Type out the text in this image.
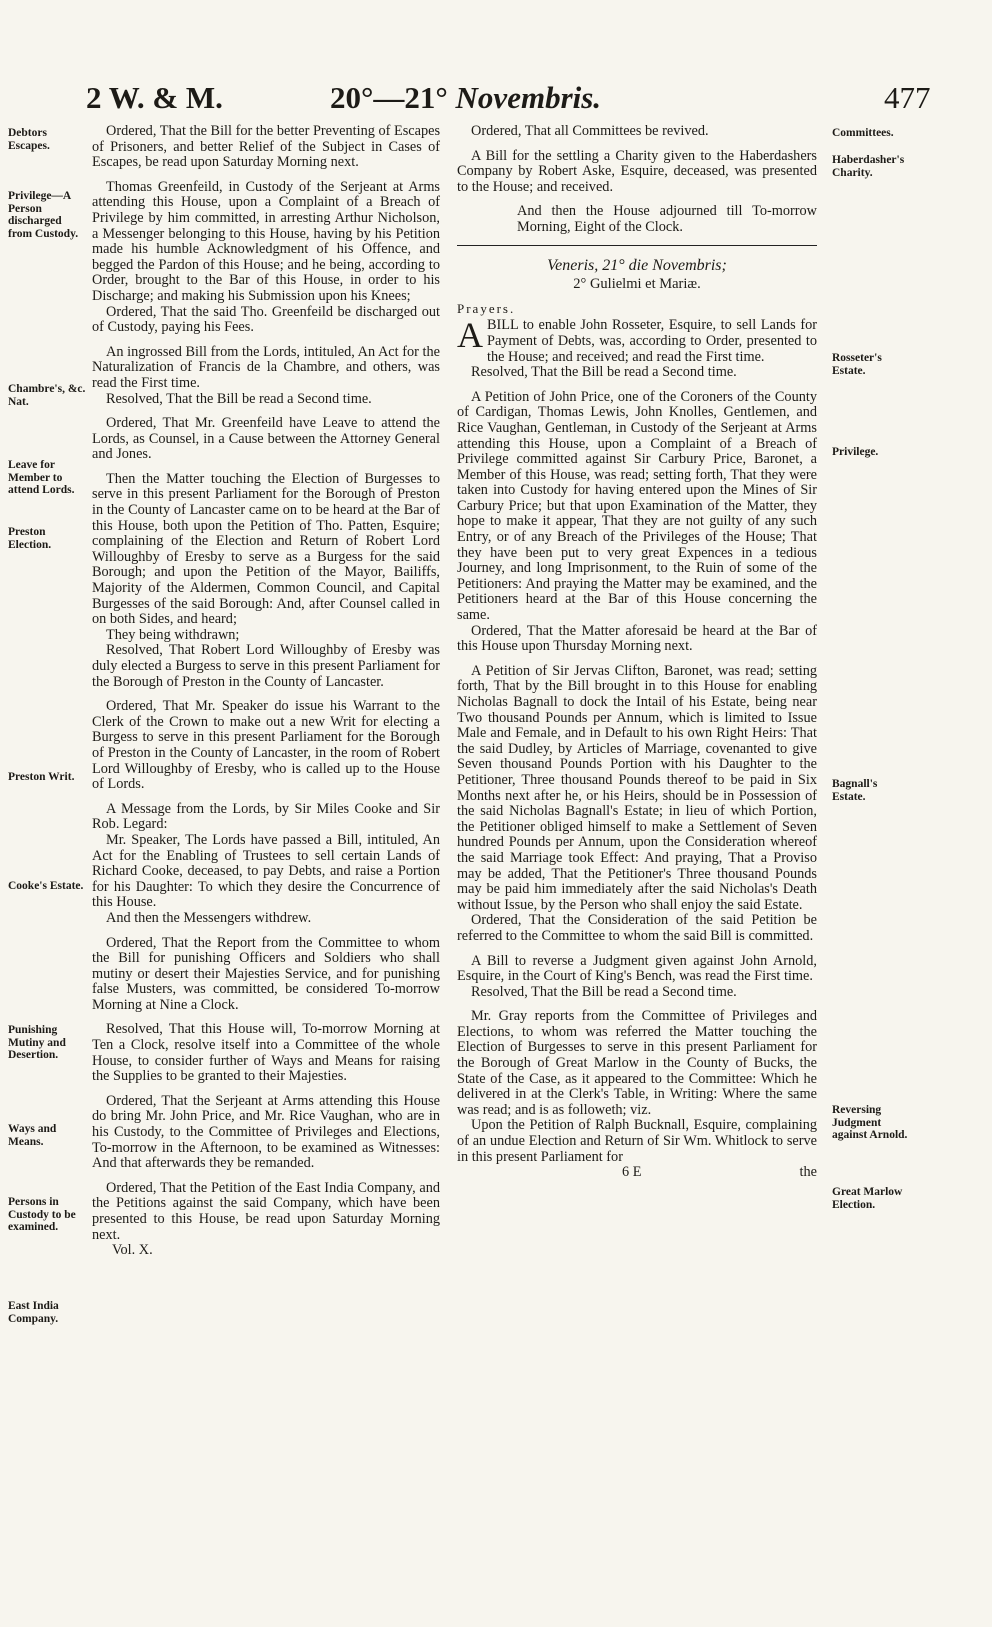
2 W. & M.	20°—21° Novembris.	477
Debtors Escapes.
Privilege—A Person discharged from Custody.
Chambre's, &c. Nat.
Leave for Member to attend Lords.
Preston Election.
Preston Writ.
Cooke's Estate.
Punishing Mutiny and Desertion.
Ways and Means.
Persons in Custody to be examined.
East India Company.

Ordered, That the Bill for the better Preventing of Escapes of Prisoners, and better Relief of the Subject in Cases of Escapes, be read upon Saturday Morning next.

Thomas Greenfeild, in Custody of the Serjeant at Arms attending this House, upon a Complaint of a Breach of Privilege by him committed, in arresting Arthur Nicholson, a Messenger belonging to this House, having by his Petition made his humble Acknowledgment of his Offence, and begged the Pardon of this House; and he being, according to Order, brought to the Bar of this House, in order to his Discharge; and making his Submission upon his Knees;

Ordered, That the said Tho. Greenfeild be discharged out of Custody, paying his Fees.

An ingrossed Bill from the Lords, intituled, An Act for the Naturalization of Francis de la Chambre, and others, was read the First time.

Resolved, That the Bill be read a Second time.

Ordered, That Mr. Greenfeild have Leave to attend the Lords, as Counsel, in a Cause between the Attorney General and Jones.

Then the Matter touching the Election of Burgesses to serve in this present Parliament for the Borough of Preston in the County of Lancaster came on to be heard at the Bar of this House, both upon the Petition of Tho. Patten, Esquire; complaining of the Election and Return of Robert Lord Willoughby of Eresby to serve as a Burgess for the said Borough; and upon the Petition of the Mayor, Bailiffs, Majority of the Aldermen, Common Council, and Capital Burgesses of the said Borough: And, after Counsel called in on both Sides, and heard;

They being withdrawn;

Resolved, That Robert Lord Willoughby of Eresby was duly elected a Burgess to serve in this present Parliament for the Borough of Preston in the County of Lancaster.

Ordered, That Mr. Speaker do issue his Warrant to the Clerk of the Crown to make out a new Writ for electing a Burgess to serve in this present Parliament for the Borough of Preston in the County of Lancaster, in the room of Robert Lord Willoughby of Eresby, who is called up to the House of Lords.

A Message from the Lords, by Sir Miles Cooke and Sir Rob. Legard:

Mr. Speaker, The Lords have passed a Bill, intituled, An Act for the Enabling of Trustees to sell certain Lands of Richard Cooke, deceased, to pay Debts, and raise a Portion for his Daughter: To which they desire the Concurrence of this House.

And then the Messengers withdrew.

Ordered, That the Report from the Committee to whom the Bill for punishing Officers and Soldiers who shall mutiny or desert their Majesties Service, and for punishing false Musters, was committed, be considered To-morrow Morning at Nine a Clock.

Resolved, That this House will, To-morrow Morning at Ten a Clock, resolve itself into a Committee of the whole House, to consider further of Ways and Means for raising the Supplies to be granted to their Majesties.

Ordered, That the Serjeant at Arms attending this House do bring Mr. John Price, and Mr. Rice Vaughan, who are in his Custody, to the Committee of Privileges and Elections, To-morrow in the Afternoon, to be examined as Witnesses: And that afterwards they be remanded.

Ordered, That the Petition of the East India Company, and the Petitions against the said Company, which have been presented to this House, be read upon Saturday Morning next.

Vol. X.
Committees.
Haberdasher's Charity.
Rosseter's Estate.
Privilege.
Bagnall's Estate.
Reversing Judgment against Arnold.
Great Marlow Election.

Ordered, That all Committees be revived.

A Bill for the settling a Charity given to the Haberdashers Company by Robert Aske, Esquire, deceased, was presented to the House; and received.

And then the House adjourned till To-morrow Morning, Eight of the Clock.

Veneris, 21° die Novembris;
2° Gulielmi et Mariæ.
Prayers.

ABILL to enable John Rosseter, Esquire, to sell Lands for Payment of Debts, was, according to Order, presented to the House; and received; and read the First time.

Resolved, That the Bill be read a Second time.

A Petition of John Price, one of the Coroners of the County of Cardigan, Thomas Lewis, John Knolles, Gentlemen, and Rice Vaughan, Gentleman, in Custody of the Serjeant at Arms attending this House, upon a Complaint of a Breach of Privilege committed against Sir Carbury Price, Baronet, a Member of this House, was read; setting forth, That they were taken into Custody for having entered upon the Mines of Sir Carbury Price; but that upon Examination of the Matter, they hope to make it appear, That they are not guilty of any such Entry, or of any Breach of the Privileges of the House; That they have been put to very great Expences in a tedious Journey, and long Imprisonment, to the Ruin of some of the Petitioners: And praying the Matter may be examined, and the Petitioners heard at the Bar of this House concerning the same.

Ordered, That the Matter aforesaid be heard at the Bar of this House upon Thursday Morning next.

A Petition of Sir Jervas Clifton, Baronet, was read; setting forth, That by the Bill brought in to this House for enabling Nicholas Bagnall to dock the Intail of his Estate, being near Two thousand Pounds per Annum, which is limited to Issue Male and Female, and in Default to his own Right Heirs: That the said Dudley, by Articles of Marriage, covenanted to give Seven thousand Pounds Portion with his Daughter to the Petitioner, Three thousand Pounds thereof to be paid in Six Months next after he, or his Heirs, should be in Possession of the said Nicholas Bagnall's Estate; in lieu of which Portion, the Petitioner obliged himself to make a Settlement of Seven hundred Pounds per Annum, upon the Consideration whereof the said Marriage took Effect: And praying, That a Proviso may be added, That the Petitioner's Three thousand Pounds may be paid him immediately after the said Nicholas's Death without Issue, by the Person who shall enjoy the said Estate.

Ordered, That the Consideration of the said Petition be referred to the Committee to whom the said Bill is committed.

A Bill to reverse a Judgment given against John Arnold, Esquire, in the Court of King's Bench, was read the First time.

Resolved, That the Bill be read a Second time.

Mr. Gray reports from the Committee of Privileges and Elections, to whom was referred the Matter touching the Election of Burgesses to serve in this present Parliament for the Borough of Great Marlow in the County of Bucks, the State of the Case, as it appeared to the Committee: Which he delivered in at the Clerk's Table, in Writing: Where the same was read; and is as followeth; viz.

Upon the Petition of Ralph Bucknall, Esquire, complaining of an undue Election and Return of Sir Wm. Whitlock to serve in this present Parliament for

6 E	the
